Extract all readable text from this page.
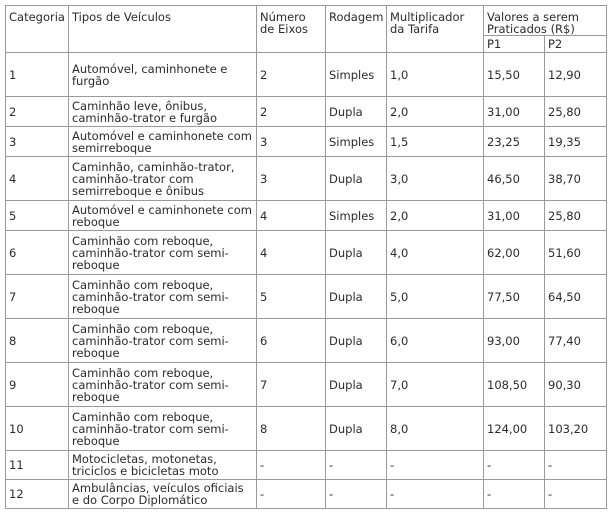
Categoria	Tipos de Veículos	Número de Eixos	Rodagem	Multiplicador da Tarifa	Valores a serem Praticados (R$)	
					P1	P2
1	Automóvel, caminhonete e furgão	2	Simples	1,0	15,50	12,90
2	Caminhão leve, ônibus, caminhão-trator e furgão	2	Dupla	2,0	31,00	25,80
3	Automóvel e caminhonete com semirreboque	3	Simples	1,5	23,25	19,35
4	Caminhão, caminhão-trator, caminhão-trator com semirreboque e ônibus	3	Dupla	3,0	46,50	38,70
5	Automóvel e caminhonete com reboque	4	Simples	2,0	31,00	25,80
6	Caminhão com reboque, caminhão-trator com semi-reboque	4	Dupla	4,0	62,00	51,60
7	Caminhão com reboque, caminhão-trator com semi-reboque	5	Dupla	5,0	77,50	64,50
8	Caminhão com reboque, caminhão-trator com semi-reboque	6	Dupla	6,0	93,00	77,40
9	Caminhão com reboque, caminhão-trator com semi-reboque	7	Dupla	7,0	108,50	90,30
10	Caminhão com reboque, caminhão-trator com semi-reboque	8	Dupla	8,0	124,00	103,20
11	Motocicletas, motonetas, triciclos e bicicletas moto	-	-	-	-	-
12	Ambulâncias, veículos oficiais e do Corpo Diplomático	-	-	-	-	-
